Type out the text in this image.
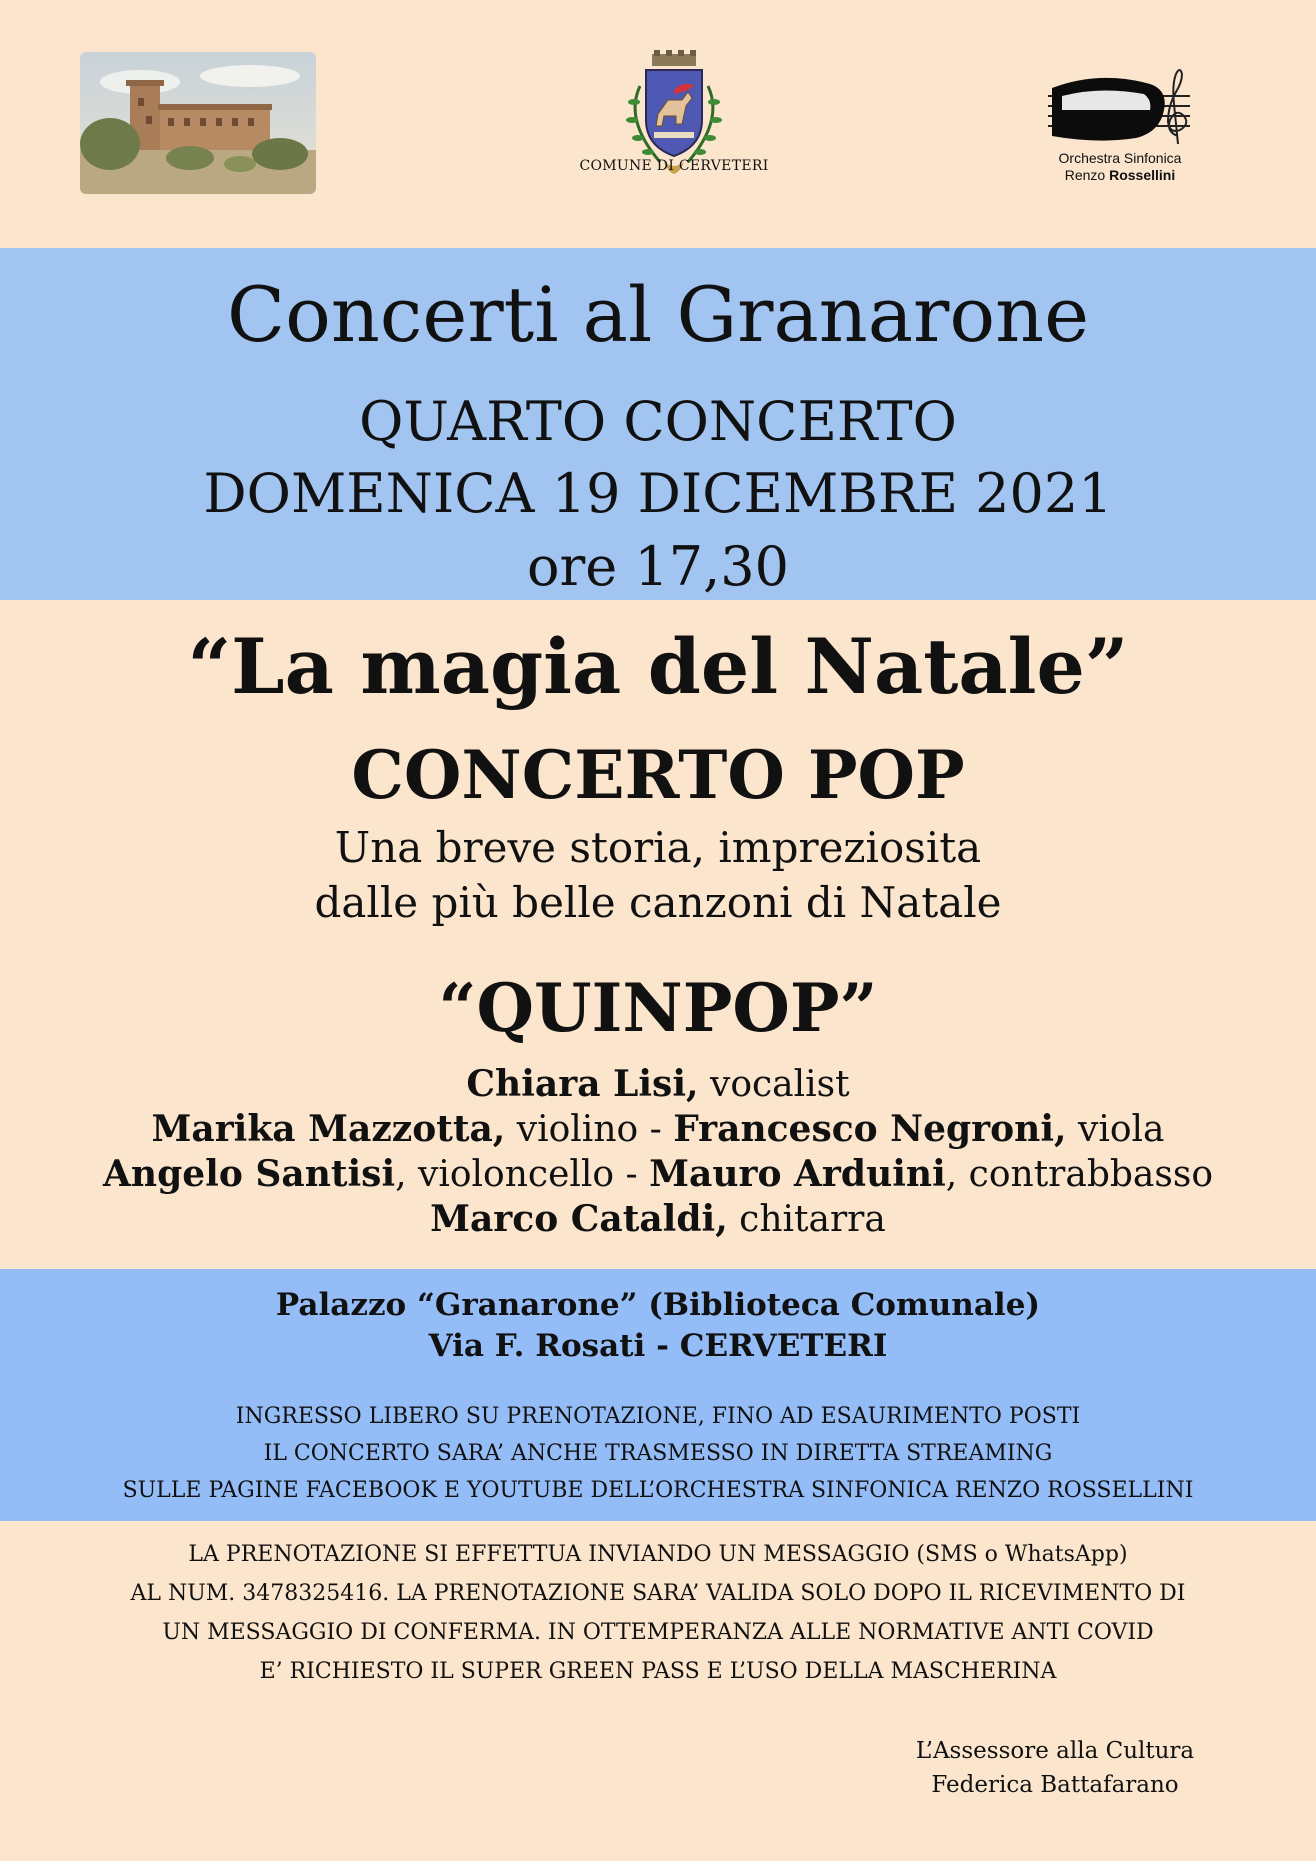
COMUNE DI CERVETERI	Orchestra Sinfonica
Renzo Rossellini
Concerti al Granarone
QUARTO CONCERTO
DOMENICA 19 DICEMBRE 2021
ore 17,30
“La magia del Natale”
CONCERTO POP
Una breve storia, impreziosita
dalle più belle canzoni di Natale
“QUINPOP”
Chiara Lisi, vocalist
Marika Mazzotta, violino - Francesco Negroni, viola
Angelo Santisi, violoncello - Mauro Arduini, contrabbasso
Marco Cataldi, chitarra
Palazzo “Granarone” (Biblioteca Comunale)
Via F. Rosati - CERVETERI
INGRESSO LIBERO SU PRENOTAZIONE, FINO AD ESAURIMENTO POSTI
IL CONCERTO SARA’ ANCHE TRASMESSO IN DIRETTA STREAMING
SULLE PAGINE FACEBOOK E YOUTUBE DELL’ORCHESTRA SINFONICA RENZO ROSSELLINI
LA PRENOTAZIONE SI EFFETTUA INVIANDO UN MESSAGGIO (SMS o WhatsApp)
AL NUM. 3478325416. LA PRENOTAZIONE SARA’ VALIDA SOLO DOPO IL RICEVIMENTO DI
UN MESSAGGIO DI CONFERMA. IN OTTEMPERANZA ALLE NORMATIVE ANTI COVID
E’ RICHIESTO IL SUPER GREEN PASS E L’USO DELLA MASCHERINA
L’Assessore alla Cultura
Federica Battafarano
